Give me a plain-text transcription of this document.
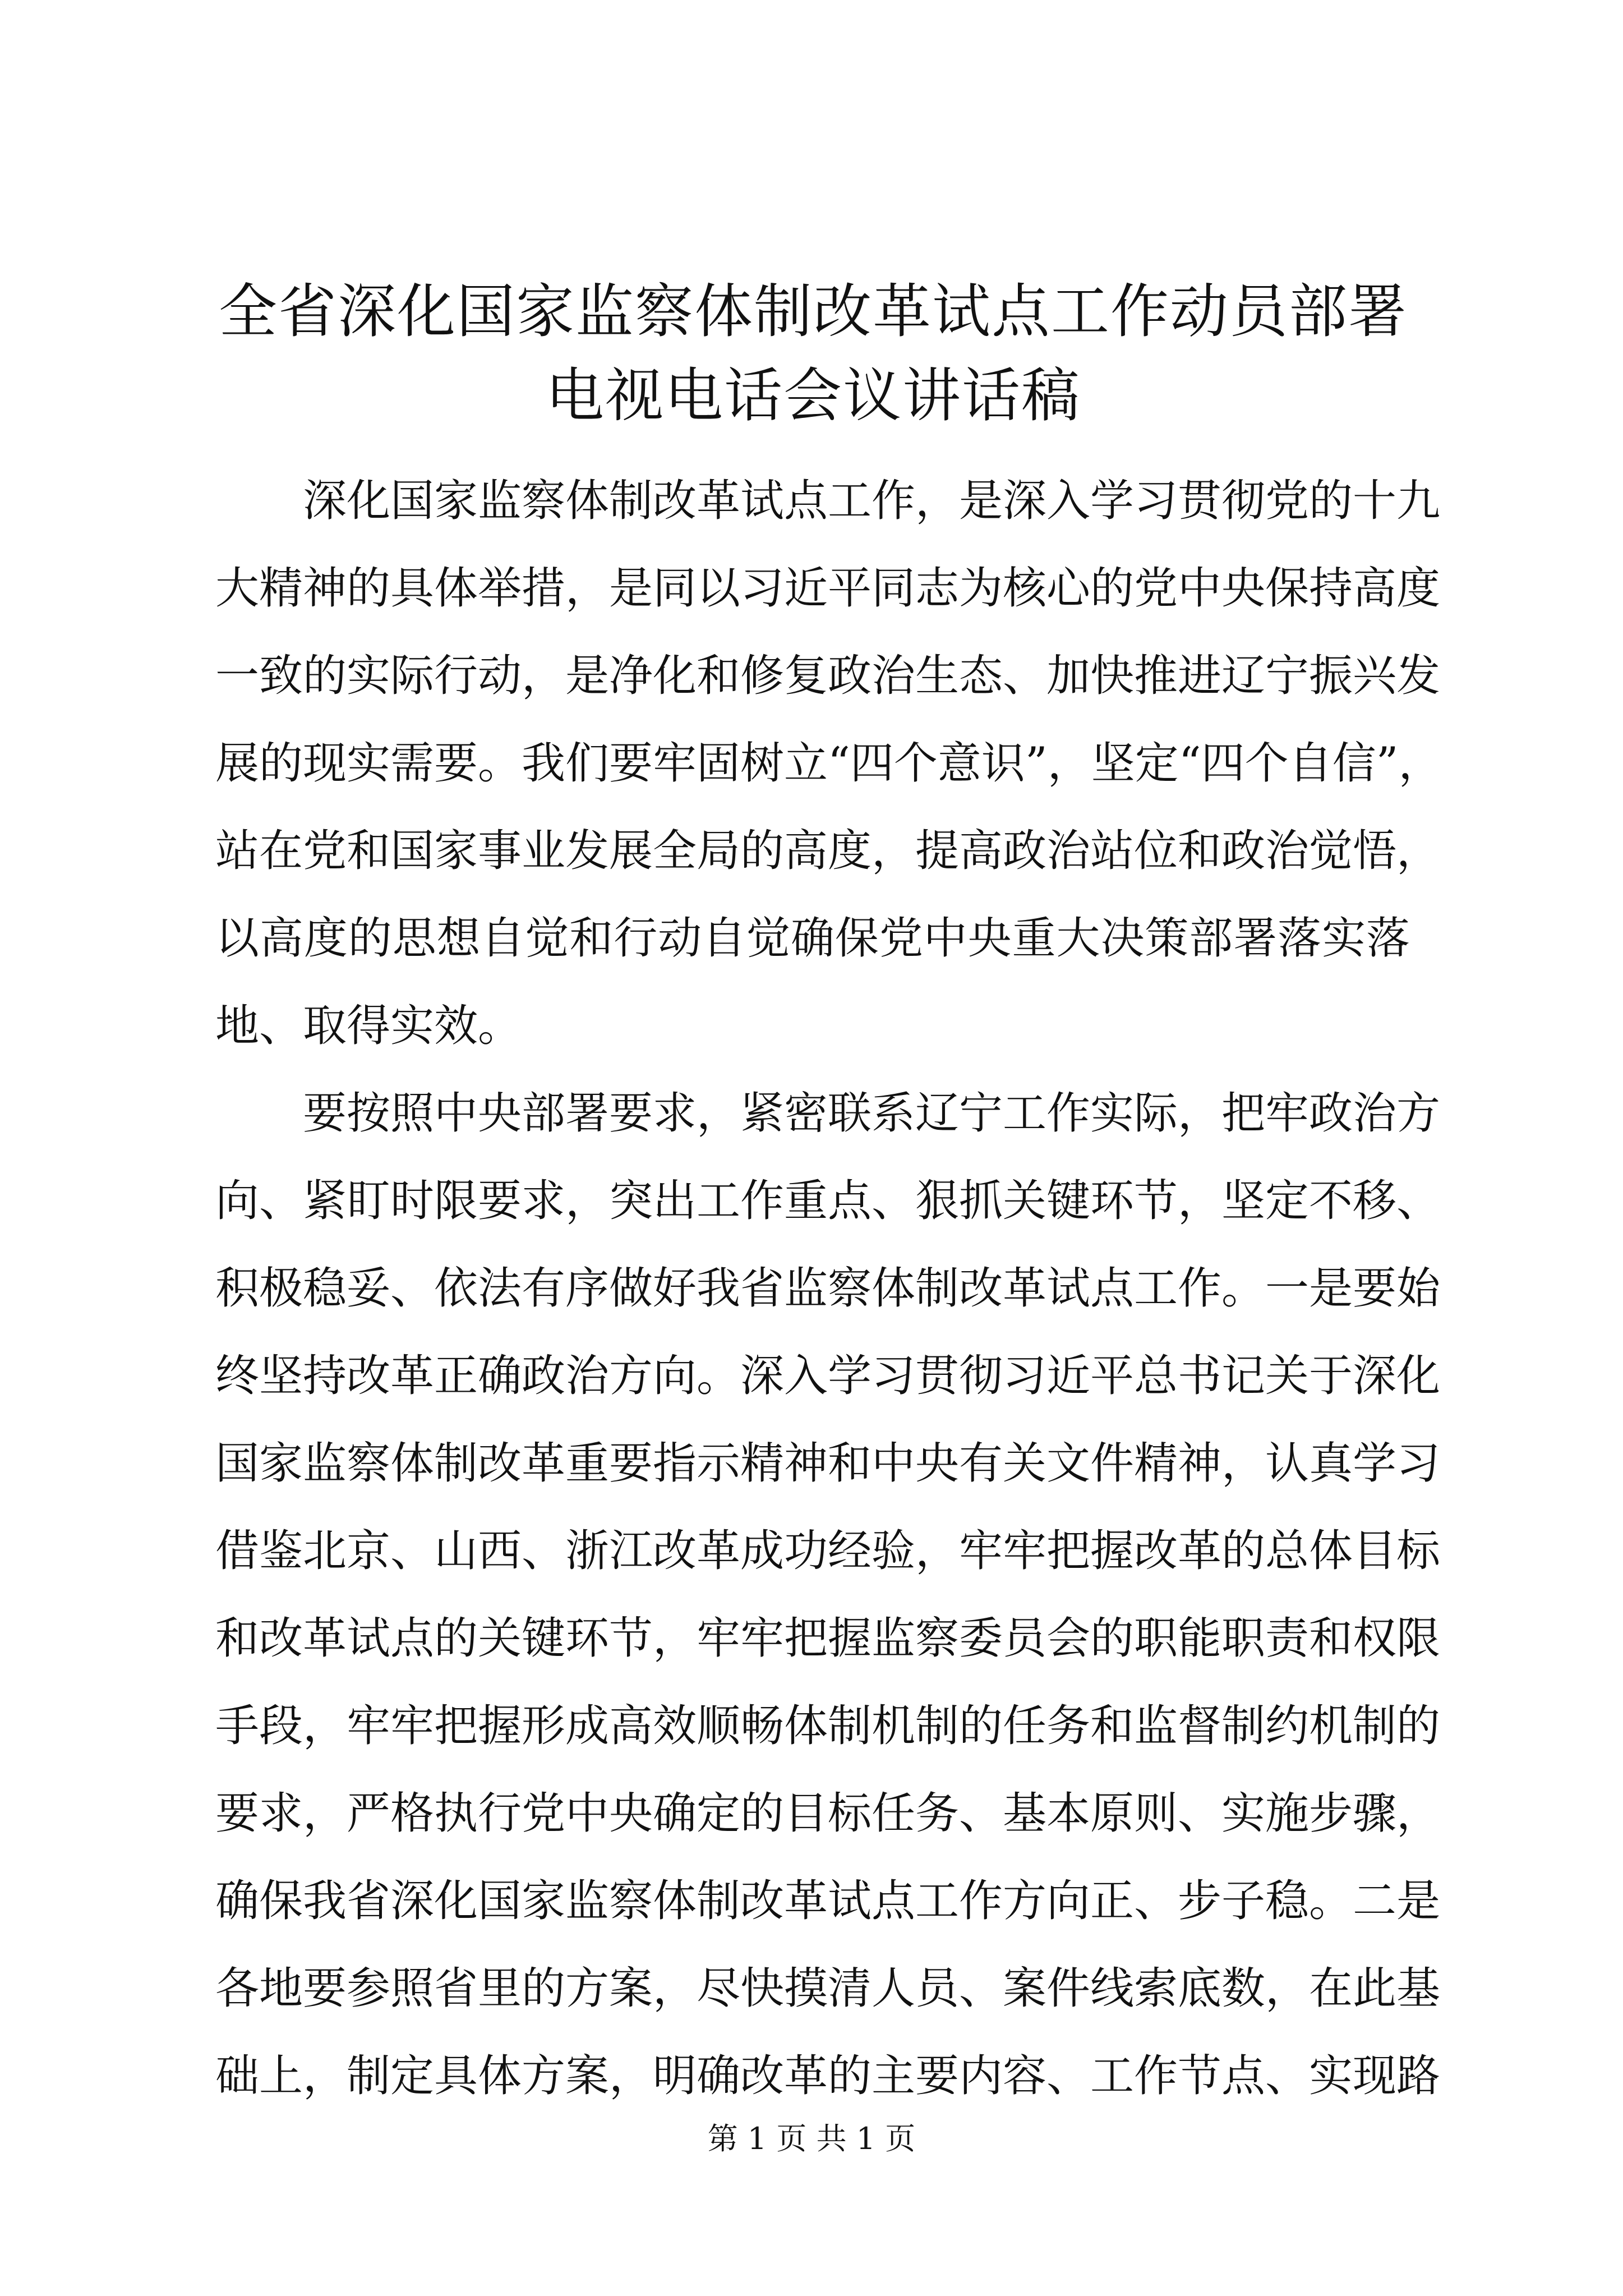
全省深化国家监察体制改革试点工作动员部署
电视电话会议讲话稿

深化国家监察体制改革试点工作，是深入学习贯彻党的十九
大精神的具体举措，是同以习近平同志为核心的党中央保持高度
一致的实际行动，是净化和修复政治生态、加快推进辽宁振兴发
展的现实需要。我们要牢固树立“四个意识”，坚定“四个自信”，
站在党和国家事业发展全局的高度，提高政治站位和政治觉悟，
以高度的思想自觉和行动自觉确保党中央重大决策部署落实落
地、取得实效。

要按照中央部署要求，紧密联系辽宁工作实际，把牢政治方
向、紧盯时限要求，突出工作重点、狠抓关键环节，坚定不移、
积极稳妥、依法有序做好我省监察体制改革试点工作。一是要始
终坚持改革正确政治方向。深入学习贯彻习近平总书记关于深化
国家监察体制改革重要指示精神和中央有关文件精神，认真学习
借鉴北京、山西、浙江改革成功经验，牢牢把握改革的总体目标
和改革试点的关键环节，牢牢把握监察委员会的职能职责和权限
手段，牢牢把握形成高效顺畅体制机制的任务和监督制约机制的
要求，严格执行党中央确定的目标任务、基本原则、实施步骤，
确保我省深化国家监察体制改革试点工作方向正、步子稳。二是
各地要参照省里的方案，尽快摸清人员、案件线索底数，在此基
础上，制定具体方案，明确改革的主要内容、工作节点、实现路

第 1 页 共 1 页
